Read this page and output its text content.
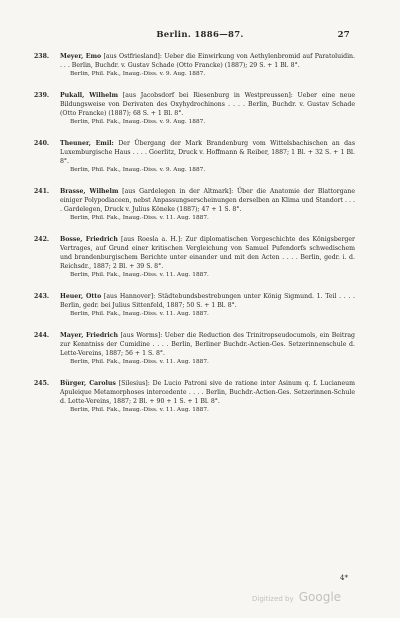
Berlin. 1886—87.	27
238. Meyer, Emo [aus Ostfriesland]: Ueber die Einwirkung von Aethylenbromid auf Paratoluidin. . . . Berlin, Buchdr. v. Gustav Schade (Otto Francke) (1887); 29 S. + 1 Bl. 8°.

Berlin, Phil. Fak., Inaug.-Diss. v. 9. Aug. 1887.

239. Pukall, Wilhelm [aus Jacobsdorf bei Riesenburg in Westpreussen]: Ueber eine neue Bildungsweise von Derivaten des Oxyhydrochinons . . . . Berlin, Buchdr. v. Gustav Schade (Otto Francke) (1887); 68 S. + 1 Bl. 8°.

Berlin, Phil. Fak., Inaug.-Diss. v. 9. Aug. 1887.

240. Theuner, Emil: Der Übergang der Mark Brandenburg vom Wittelsbachischen an das Luxemburgische Haus . . . . Goerlitz, Druck v. Hoffmann & Reiber, 1887; 1 Bl. + 32 S. + 1 Bl. 8°.

Berlin, Phil. Fak., Inaug.-Diss. v. 9. Aug. 1887.

241. Brasse, Wilhelm [aus Gardelegen in der Altmark]: Über die Anatomie der Blattorgane einiger Polypodiaceen, nebst Anpassungserscheinungen derselben an Klima und Standort . . . . Gardelegen, Druck v. Julius Köneke (1887); 47 + 1 S. 8°.

Berlin, Phil. Fak., Inaug.-Diss. v. 11. Aug. 1887.

242. Bosse, Friedrich [aus Roesla a. H.]: Zur diplomatischen Vorgeschichte des Königsberger Vertrages, auf Grund einer kritischen Vergleichung von Samuel Pufendorfs schwedischem und brandenburgischem Berichte unter einander und mit den Acten . . . . Berlin, gedr. i. d. Reichsdr., 1887; 2 Bl. + 39 S. 8°.

Berlin, Phil. Fak., Inaug.-Diss. v. 11. Aug. 1887.

243. Heuer, Otto [aus Hannover]: Städtebundsbestrebungen unter König Sigmund. 1. Teil . . . . Berlin, gedr. bei Julius Sittenfeld, 1887; 50 S. + 1 Bl. 8°.

Berlin, Phil. Fak., Inaug.-Diss. v. 11. Aug. 1887.

244. Mayer, Friedrich [aus Worms]: Ueber die Reduction des Trinitropseudocumols, ein Beitrag zur Kenntniss der Cumidine . . . . Berlin, Berliner Buchdr.-Actien-Ges. Setzerinnenschule d. Lette-Vereins, 1887; 56 + 1 S. 8°.

Berlin, Phil. Fak., Inaug.-Diss. v. 11. Aug. 1887.

245. Bürger, Carolus [Silesius]: De Lucio Patroni sive de ratione inter Asinum q. f. Lucianeum Apuleique Metamorphoses intercedente . . . . Berlin, Buchdr.-Actien-Ges. Setzerinnen-Schule d. Lette-Vereins, 1887; 2 Bl. + 90 + 1 S. + 1 Bl. 8°.

Berlin, Phil. Fak., Inaug.-Diss. v. 11. Aug. 1887.

4*
Digitized by Google
